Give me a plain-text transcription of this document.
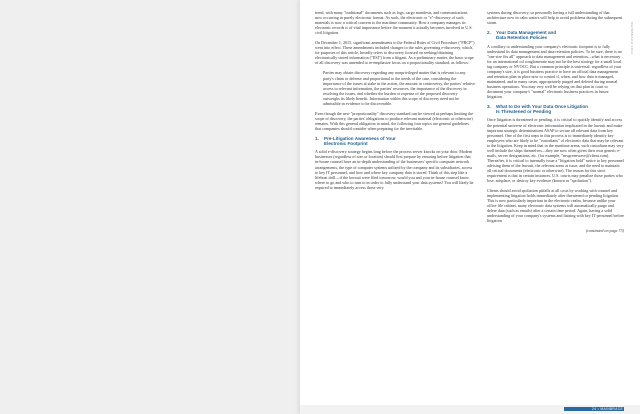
MAINBRACE 2016

trend, with many "traditional" documents such as logs, cargo manifests, and communications now occurring in purely electronic format. As such, the electronic or "e"-discovery of such materials is now a critical concern to the maritime community. How a company manages its electronic records is of vital importance before the moment it actually becomes involved in U.S. civil litigation.

On December 1, 2015, significant amendments to the Federal Rules of Civil Procedure ("FRCP") went into effect. These amendments included changes to the rules governing e-discovery, which, for purposes of this article, broadly refers to discovery focused on seeking/obtaining electronically stored information ("ESI") from a litigant. As a preliminary matter, the basic scope of all discovery was amended to re-emphasize focus on a proportionality standard, as follows:

Parties may obtain discovery regarding any nonprivileged matter that is relevant to any party's claim or defense and proportional to the needs of the case, considering the importance of the issues at stake in the action, the amount in controversy, the parties' relative access to relevant information, the parties' resources, the importance of the discovery in resolving the issues, and whether the burden or expense of the proposed discovery outweighs its likely benefit. Information within this scope of discovery need not be admissible in evidence to be discoverable.

Even though the new "proportionality" discovery standard can be viewed as perhaps limiting the scope of discovery, the parties' obligations to produce relevant material (electronic or otherwise) remains. With this general obligation in mind, the following four topics are general guidelines that companies should consider when preparing for the inevitable.

1. Pre-Litigation Awareness of Your
Electronic Footprint

A solid e-discovery strategy begins long before the process server knocks on your door. Modern businesses (regardless of size or location) should first prepare by ensuring before litigation that in-house counsel have an in-depth understanding of the businesses' specific computer network arrangements, the type of computer systems utilized by the company and its subsidiaries, access to key IT personnel, and how and where key company data is stored. Think of this step like a lifeboat drill—if the lawsuit were filed tomorrow, would you and your in-house counsel know where to go and who to turn to in order to fully understand your data systems? You will likely be required to immediately access those very

systems during discovery, so personally having a full understanding of that architecture now in calm waters will help to avoid problems during the subsequent storm.

2. Your Data Management and
Data Retention Policies

A corollary to understanding your company's electronic footprint is to fully understand its data management and data retention policies. To be sure, there is no "one size fits all" approach to data management and retention—what is necessary for an international oil conglomerate may not be the best strategy for a small local tug company or NVOCC. But a common principle is universal: regardless of your company's size, it is good business practice to have an official data management and retention plan in place now to control if, when, and how data is managed, maintained, and in many cases, appropriately purged and deleted during normal business operations. You may very well be relying on that plan in court to document your company's "normal" electronic business practices in future litigation.

3. What to Do with Your Data Once Litigation
Is Threatened or Pending

Once litigation is threatened or pending, it is critical to quickly identify and access the potential universe of electronic information implicated in the lawsuit and make important strategic determinations ASAP to secure all relevant data from key personnel. One of the first steps in this process is to immediately identify key employees who are likely to be "custodians" of electronic data that may be relevant to the litigation. Keep in mind that in the maritime arena, such custodians may very well include the ships themselves—they are now often given their own generic e-mails, server designations, etc. (for example, "mvgreenwave@client.com). Thereafter, it is critical to internally issue a "litigation hold" notice to key personnel advising them of the lawsuit, the relevant areas at issue, and the need to maintain all critical documents (electronic or otherwise). The reason for this strict requirement is that in certain instances, U.S. courts may penalize those parties who lose, misplace, or destroy key evidence (known as "spoliation").

Clients should avoid spoliation pitfalls at all costs by working with counsel and implementing litigation holds immediately after threatened or pending litigation. This is now particularly important in the electronic realm, because unlike your office file cabinet, many electronic data systems will automatically purge and delete data (such as emails) after a certain time period. Again, having a solid understanding of your company's systems and liaising with key IT personnel before litigation

(continued on page 73)
24 • MAINBRACE
